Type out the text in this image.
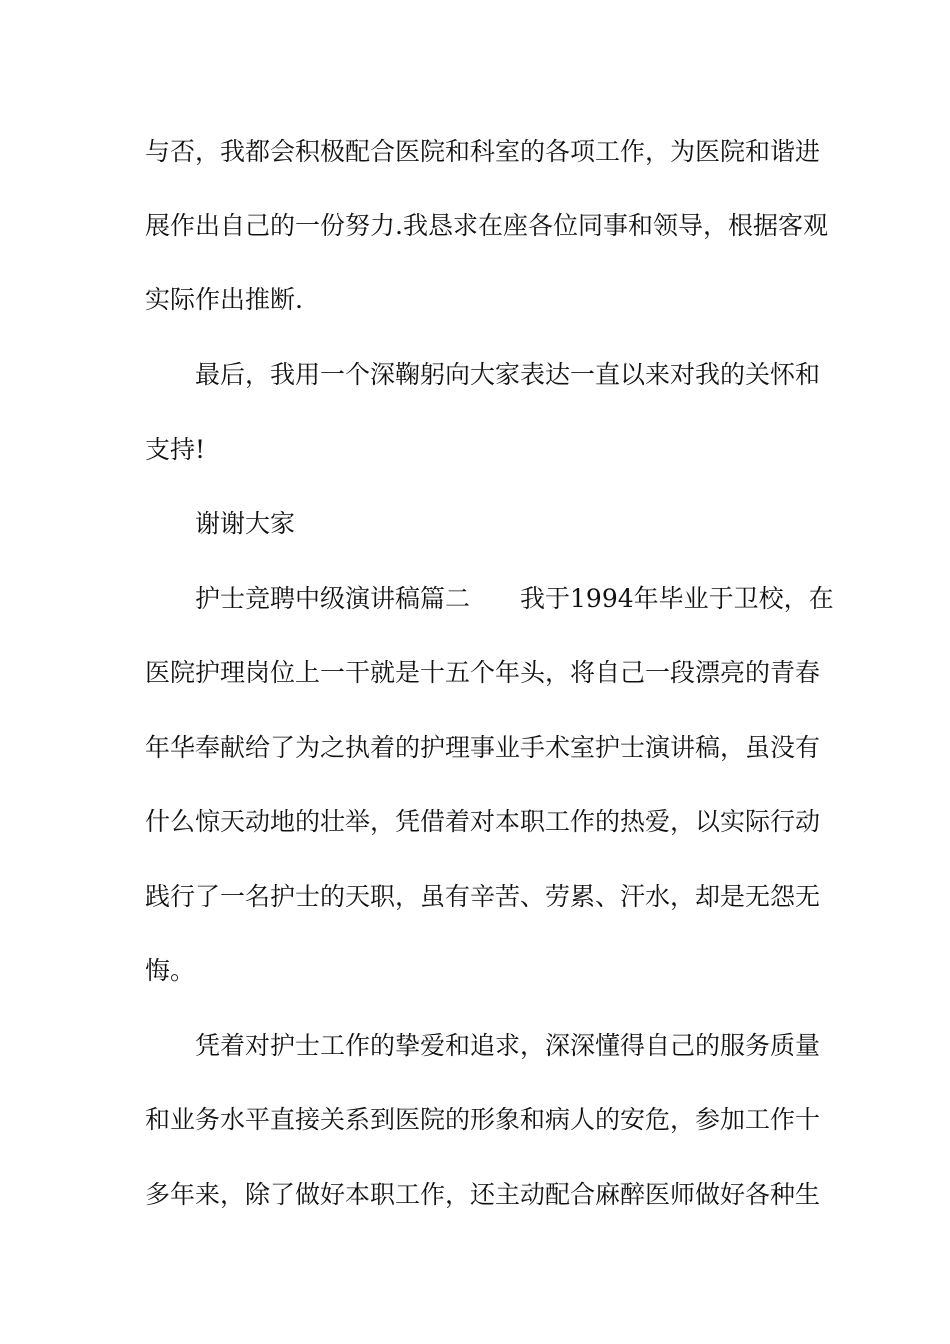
与否，我都会积极配合医院和科室的各项工作，为医院和谐进
展作出自己的一份努力.我恳求在座各位同事和领导，根据客观
实际作出推断.
最后，我用一个深鞠躬向大家表达一直以来对我的关怀和
支持!
谢谢大家
护士竞聘中级演讲稿篇二　　我于1994年毕业于卫校，在
医院护理岗位上一干就是十五个年头，将自己一段漂亮的青春
年华奉献给了为之执着的护理事业手术室护士演讲稿，虽没有
什么惊天动地的壮举，凭借着对本职工作的热爱，以实际行动
践行了一名护士的天职，虽有辛苦、劳累、汗水，却是无怨无
悔。
凭着对护士工作的挚爱和追求，深深懂得自己的服务质量
和业务水平直接关系到医院的形象和病人的安危，参加工作十
多年来，除了做好本职工作，还主动配合麻醉医师做好各种生
